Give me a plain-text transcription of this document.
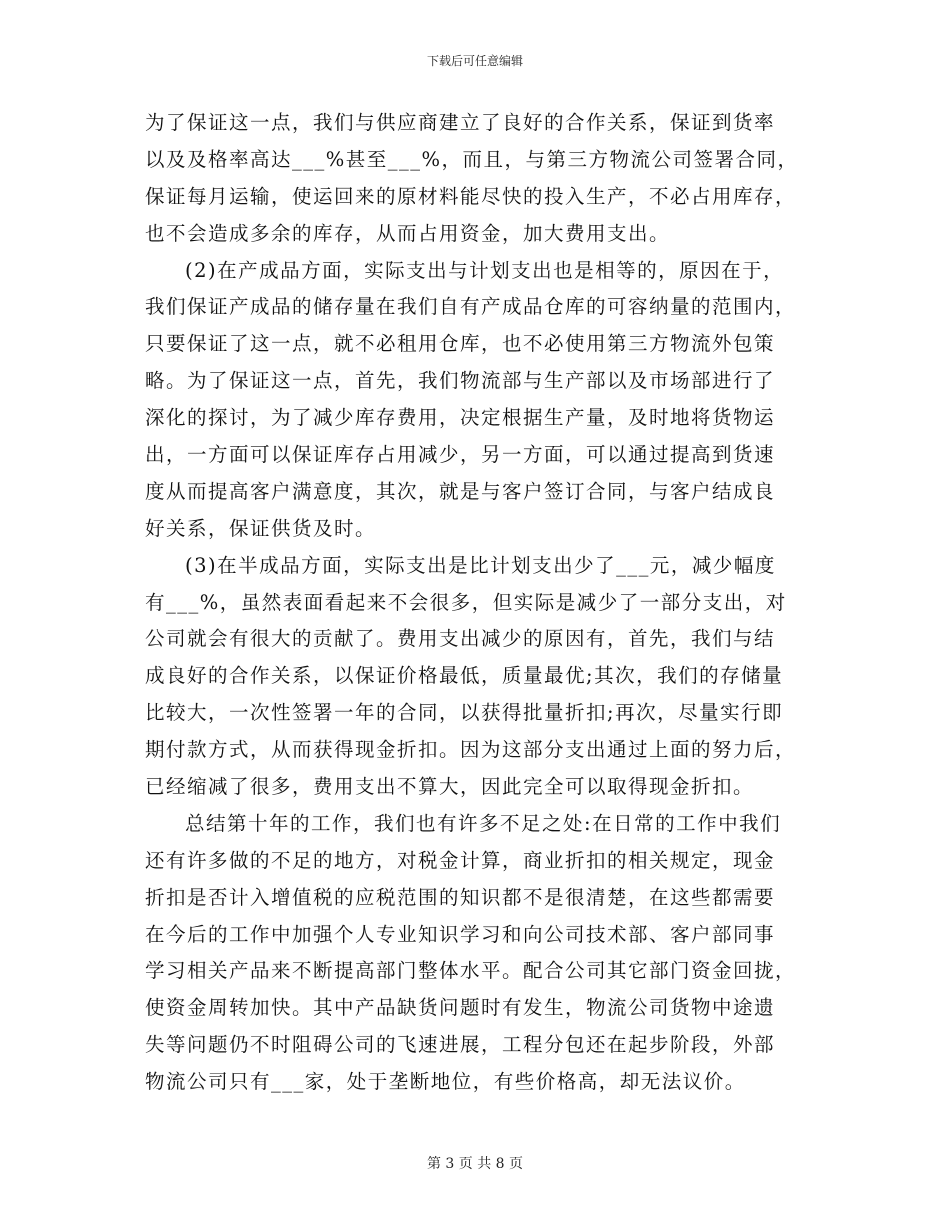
下载后可任意编辑
为了保证这一点，我们与供应商建立了良好的合作关系，保证到货率
以及及格率高达___%甚至___%，而且，与第三方物流公司签署合同，
保证每月运输，使运回来的原材料能尽快的投入生产，不必占用库存，
也不会造成多余的库存，从而占用资金，加大费用支出。
(2)在产成品方面，实际支出与计划支出也是相等的，原因在于，
我们保证产成品的储存量在我们自有产成品仓库的可容纳量的范围内，
只要保证了这一点，就不必租用仓库，也不必使用第三方物流外包策
略。为了保证这一点，首先，我们物流部与生产部以及市场部进行了
深化的探讨，为了减少库存费用，决定根据生产量，及时地将货物运
出，一方面可以保证库存占用减少，另一方面，可以通过提高到货速
度从而提高客户满意度，其次，就是与客户签订合同，与客户结成良
好关系，保证供货及时。
(3)在半成品方面，实际支出是比计划支出少了___元，减少幅度
有___%，虽然表面看起来不会很多，但实际是减少了一部分支出，对
公司就会有很大的贡献了。费用支出减少的原因有，首先，我们与结
成良好的合作关系，以保证价格最低，质量最优;其次，我们的存储量
比较大，一次性签署一年的合同，以获得批量折扣;再次，尽量实行即
期付款方式，从而获得现金折扣。因为这部分支出通过上面的努力后，
已经缩减了很多，费用支出不算大，因此完全可以取得现金折扣。
总结第十年的工作，我们也有许多不足之处:在日常的工作中我们
还有许多做的不足的地方，对税金计算，商业折扣的相关规定，现金
折扣是否计入增值税的应税范围的知识都不是很清楚，在这些都需要
在今后的工作中加强个人专业知识学习和向公司技术部、客户部同事
学习相关产品来不断提高部门整体水平。配合公司其它部门资金回拢，
使资金周转加快。其中产品缺货问题时有发生，物流公司货物中途遗
失等问题仍不时阻碍公司的飞速进展，工程分包还在起步阶段，外部
物流公司只有___家，处于垄断地位，有些价格高，却无法议价。
第 3 页 共 8 页
